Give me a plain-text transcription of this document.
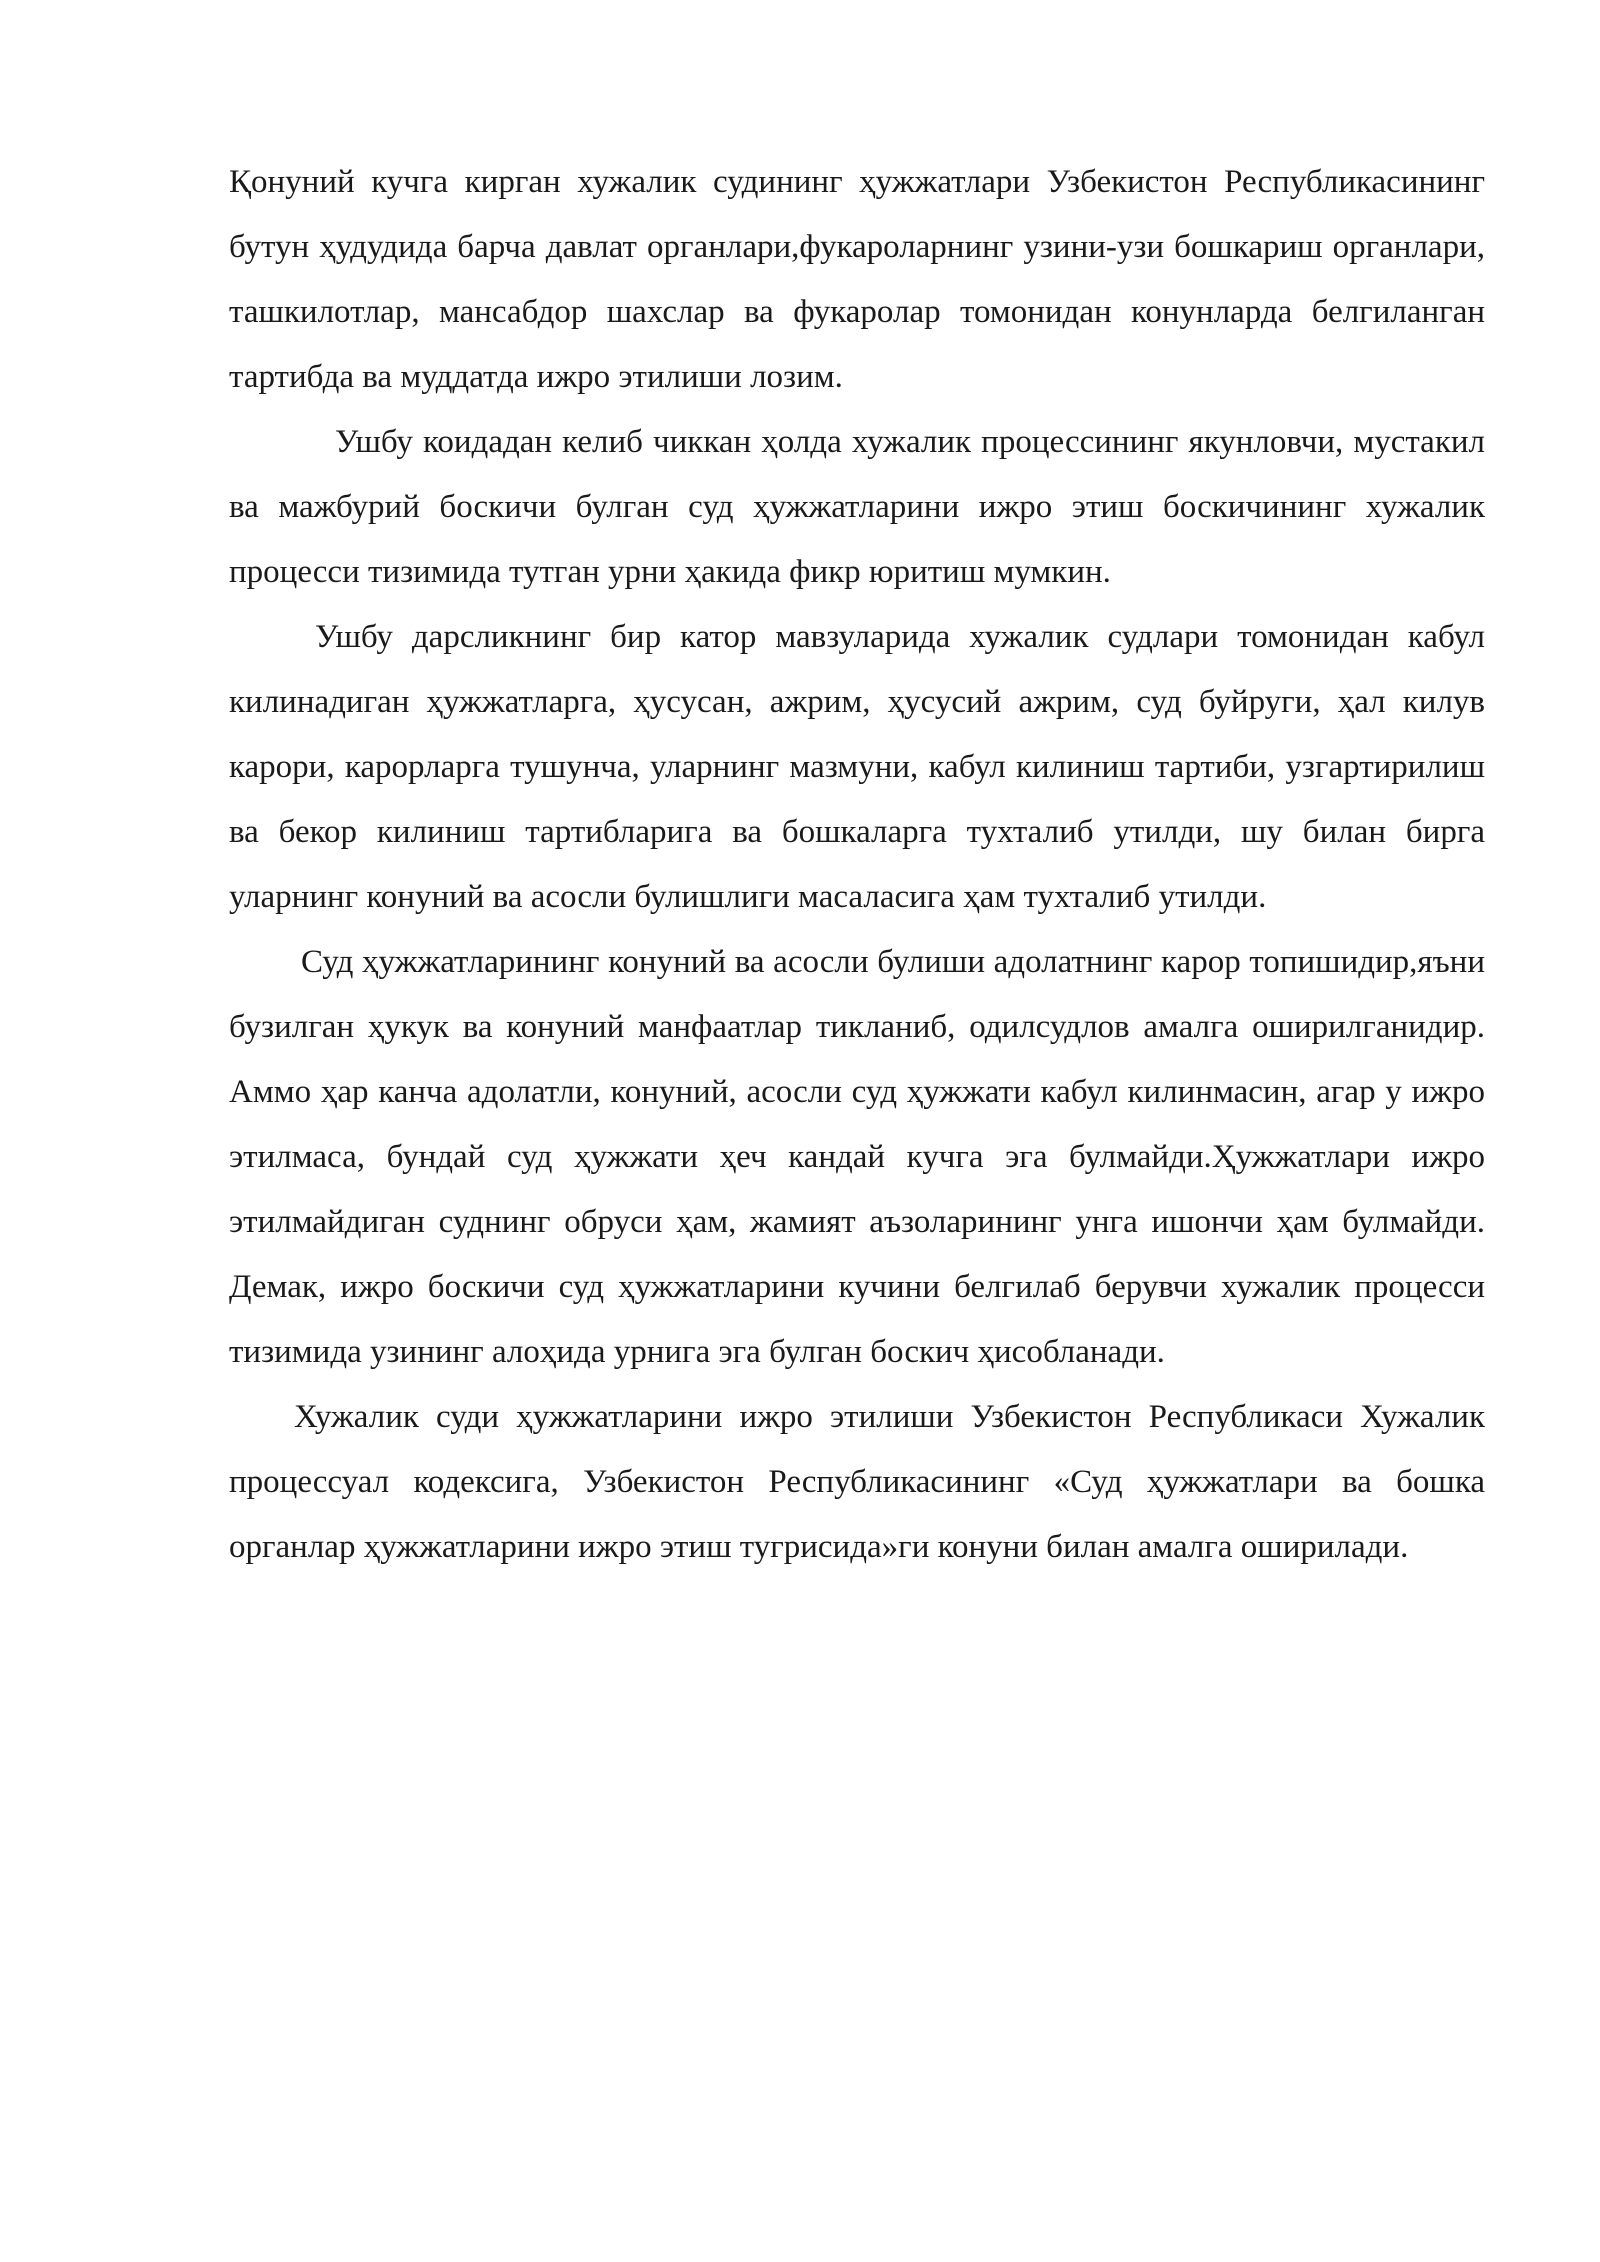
Қонуний кучга кирган хужалик судининг ҳужжатлари Узбекистон Республикасининг бутун ҳудудида барча давлат органлари,фукароларнинг узини-узи бошкариш органлари, ташкилотлар, мансабдор шахслар ва фукаролар томонидан конунларда белгиланган тартибда ва муддатда ижро этилиши лозим.

Ушбу коидадан келиб чиккан ҳолда хужалик процессининг якунловчи, мустакил ва мажбурий боскичи булган суд ҳужжатларини ижро этиш боскичининг хужалик процесси тизимида тутган урни ҳакида фикр юритиш мумкин.

Ушбу дарсликнинг бир катор мавзуларида хужалик судлари томонидан кабул килинадиган ҳужжатларга, ҳусусан, ажрим, ҳусусий ажрим, суд буйруги, ҳал килув карори, карорларга тушунча, уларнинг мазмуни, кабул килиниш тартиби, узгартирилиш ва бекор килиниш тартибларига ва бошкаларга тухталиб утилди, шу билан бирга уларнинг конуний ва асосли булишлиги масаласига ҳам тухталиб утилди.

Суд ҳужжатларининг конуний ва асосли булиши адолатнинг карор топишидир,яъни бузилган ҳукук ва конуний манфаатлар тикланиб, одилсудлов амалга оширилганидир. Аммо ҳар канча адолатли, конуний, асосли суд ҳужжати кабул килинмасин, агар у ижро этилмаса, бундай суд ҳужжати ҳеч кандай кучга эга булмайди.Ҳужжатлари ижро этилмайдиган суднинг обруси ҳам, жамият аъзоларининг унга ишончи ҳам булмайди. Демак, ижро боскичи суд ҳужжатларини кучини белгилаб берувчи хужалик процесси тизимида узининг алоҳида урнига эга булган боскич ҳисобланади.

Хужалик суди ҳужжатларини ижро этилиши Узбекистон Республикаси Хужалик процессуал кодексига, Узбекистон Республикасининг «Суд ҳужжатлари ва бошка органлар ҳужжатларини ижро этиш тугрисида»ги конуни билан амалга оширилади.
